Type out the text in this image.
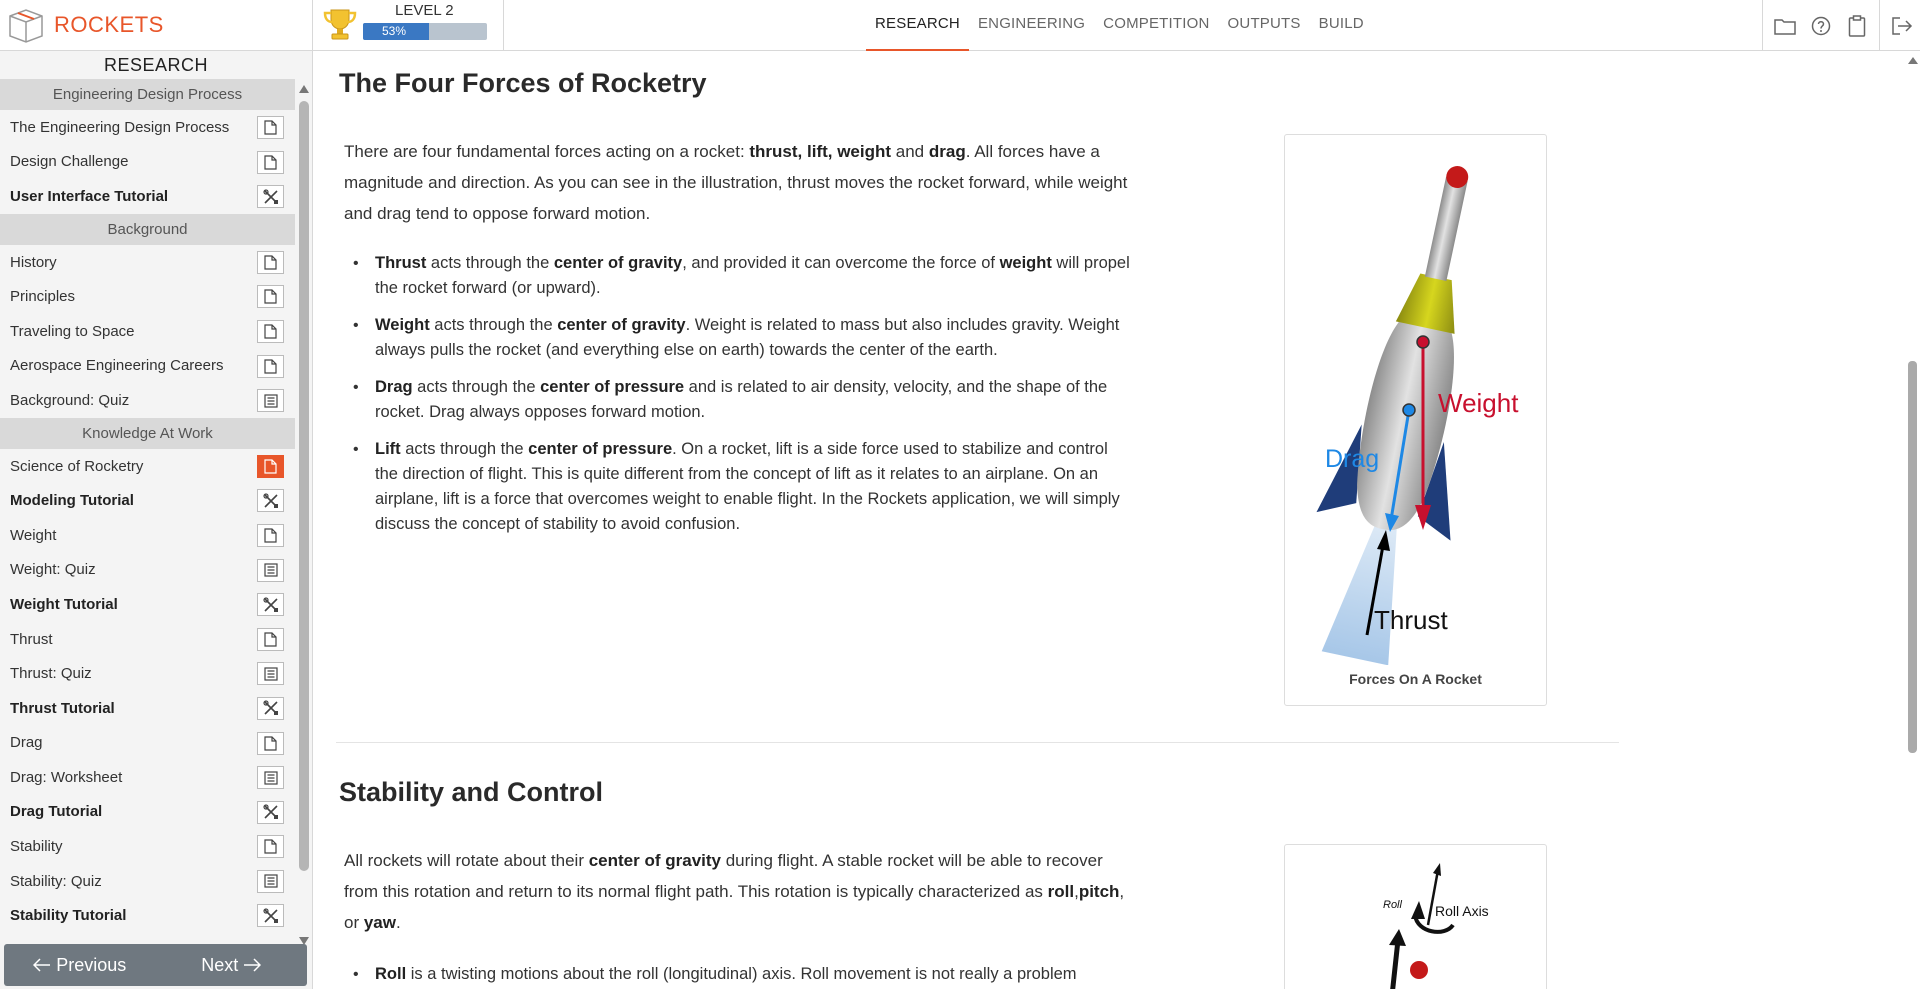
ROCKETS
LEVEL 2
53%	RESEARCH	ENGINEERING	COMPETITION	OUTPUTS	BUILD
RESEARCH
Engineering Design Process
The Engineering Design Process
Design Challenge
User Interface Tutorial
Background
History
Principles
Traveling to Space
Aerospace Engineering Careers
Background: Quiz
Knowledge At Work
Science of Rocketry
Modeling Tutorial
Weight
Weight: Quiz
Weight Tutorial
Thrust
Thrust: Quiz
Thrust Tutorial
Drag
Drag: Worksheet
Drag Tutorial
Stability
Stability: Quiz
Stability Tutorial
Previous	Next
The Four Forces of Rocketry

There are four fundamental forces acting on a rocket: thrust, lift, weight and drag. All forces have a magnitude and direction. As you can see in the illustration, thrust moves the rocket forward, while weight and drag tend to oppose forward motion.

• Thrust acts through the center of gravity, and provided it can overcome the force of weight will propel the rocket forward (or upward).
• Weight acts through the center of gravity. Weight is related to mass but also includes gravity. Weight always pulls the rocket (and everything else on earth) towards the center of the earth.
• Drag acts through the center of pressure and is related to air density, velocity, and the shape of the rocket. Drag always opposes forward motion.
• Lift acts through the center of pressure. On a rocket, lift is a side force used to stabilize and control the direction of flight. This is quite different from the concept of lift as it relates to an airplane. On an airplane, lift is a force that overcomes weight to enable flight. In the Rockets application, we will simply discuss the concept of stability to avoid confusion.
Weight
Drag
Thrust
Forces On A Rocket
Stability and Control

All rockets will rotate about their center of gravity during flight. A stable rocket will be able to recover from this rotation and return to its normal flight path. This rotation is typically characterized as roll,pitch, or yaw.

• Roll is a twisting motions about the roll (longitudinal) axis. Roll movement is not really a problem
Roll Roll Axis
